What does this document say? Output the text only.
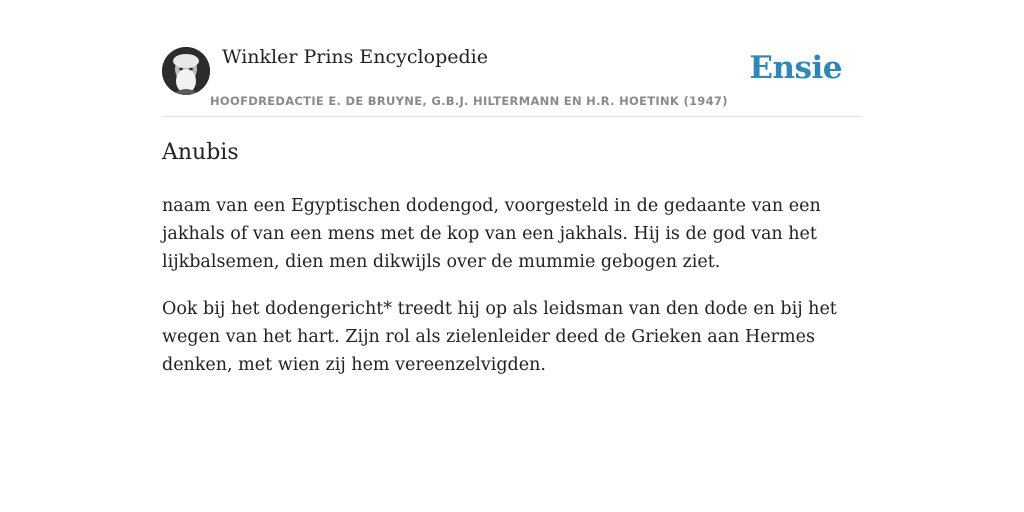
Winkler Prins Encyclopedie
HOOFDREDACTIE E. DE BRUYNE, G.B.J. HILTERMANN EN H.R. HOETINK (1947)
Ensie
Anubis

naam van een Egyptischen dodengod, voorgesteld in de gedaante van een jakhals of van een mens met de kop van een jakhals. Hij is de god van het lijkbalsemen, dien men dikwijls over de mummie gebogen ziet.

Ook bij het dodengericht* treedt hij op als leidsman van den dode en bij het wegen van het hart. Zijn rol als zielenleider deed de Grieken aan Hermes denken, met wien zij hem vereenzelvigden.
